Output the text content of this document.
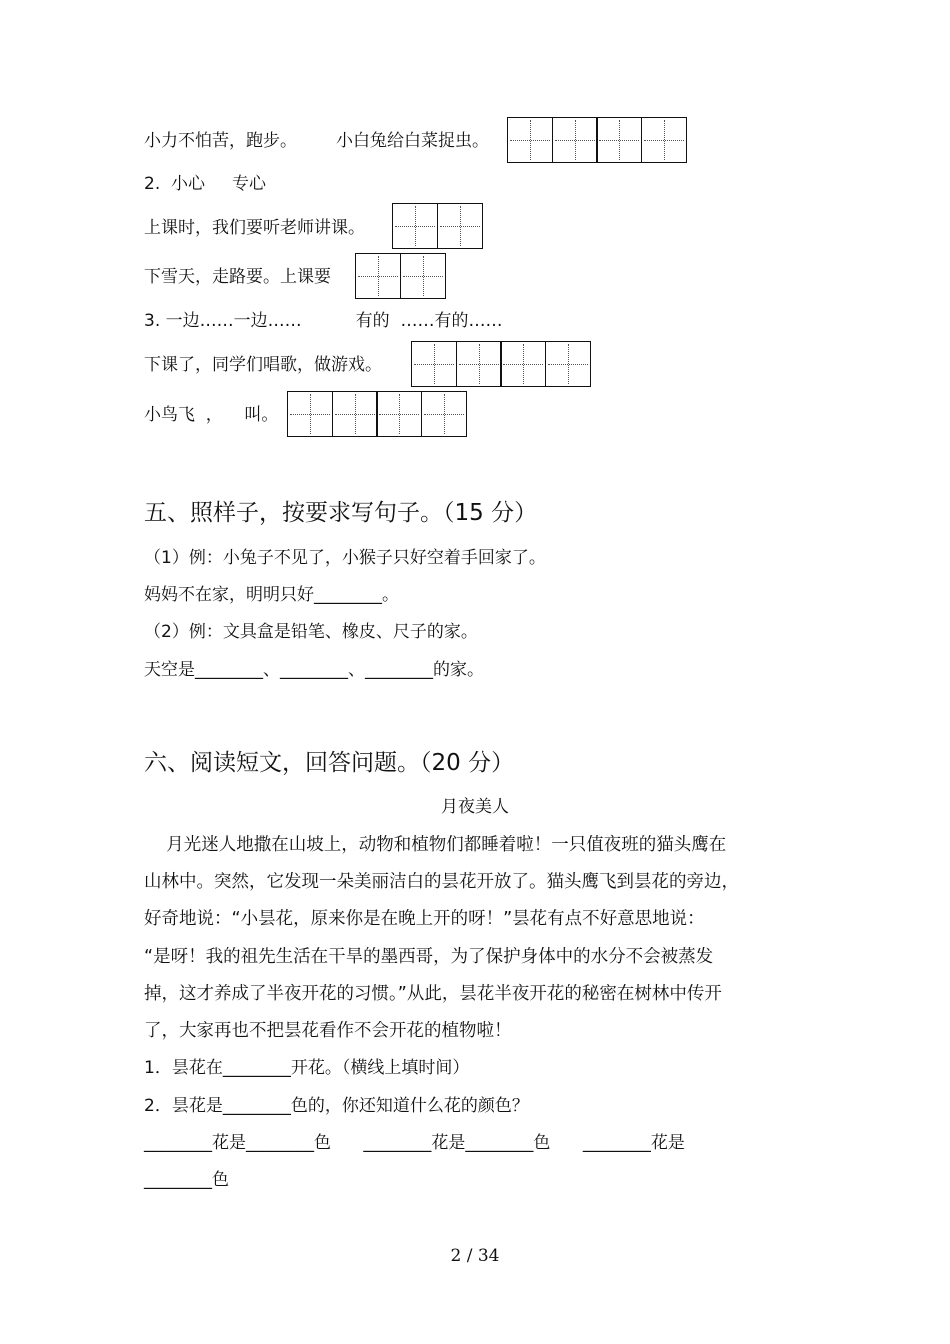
小力不怕苦，跑步。 小白兔给白菜捉虫。
2.  小心     专心
上课时，我们要听老师讲课。
下雪天，走路要。上课要
3. 一边……一边……          有的  ……有的……
下课了，同学们唱歌，做游戏。
小鸟飞  ，    叫。
五、照样子，按要求写句子。（15 分）
（1）例：小兔子不见了，小猴子只好空着手回家了。
妈妈不在家，明明只好________。
（2）例：文具盒是铅笔、橡皮、尺子的家。
天空是________、________、________的家。
六、阅读短文，回答问题。（20 分）
月夜美人
月光迷人地撒在山坡上，动物和植物们都睡着啦！一只值夜班的猫头鹰在
山林中。突然，它发现一朵美丽洁白的昙花开放了。猫头鹰飞到昙花的旁边，
好奇地说：“小昙花，原来你是在晚上开的呀！”昙花有点不好意思地说：
“是呀！我的祖先生活在干旱的墨西哥，为了保护身体中的水分不会被蒸发
掉，这才养成了半夜开花的习惯。”从此，昙花半夜开花的秘密在树林中传开
了，大家再也不把昙花看作不会开花的植物啦！
1．昙花在________开花。（横线上填时间）
2．昙花是________色的，你还知道什么花的颜色？
________花是________色      ________花是________色      ________花是
________色
2 / 34
